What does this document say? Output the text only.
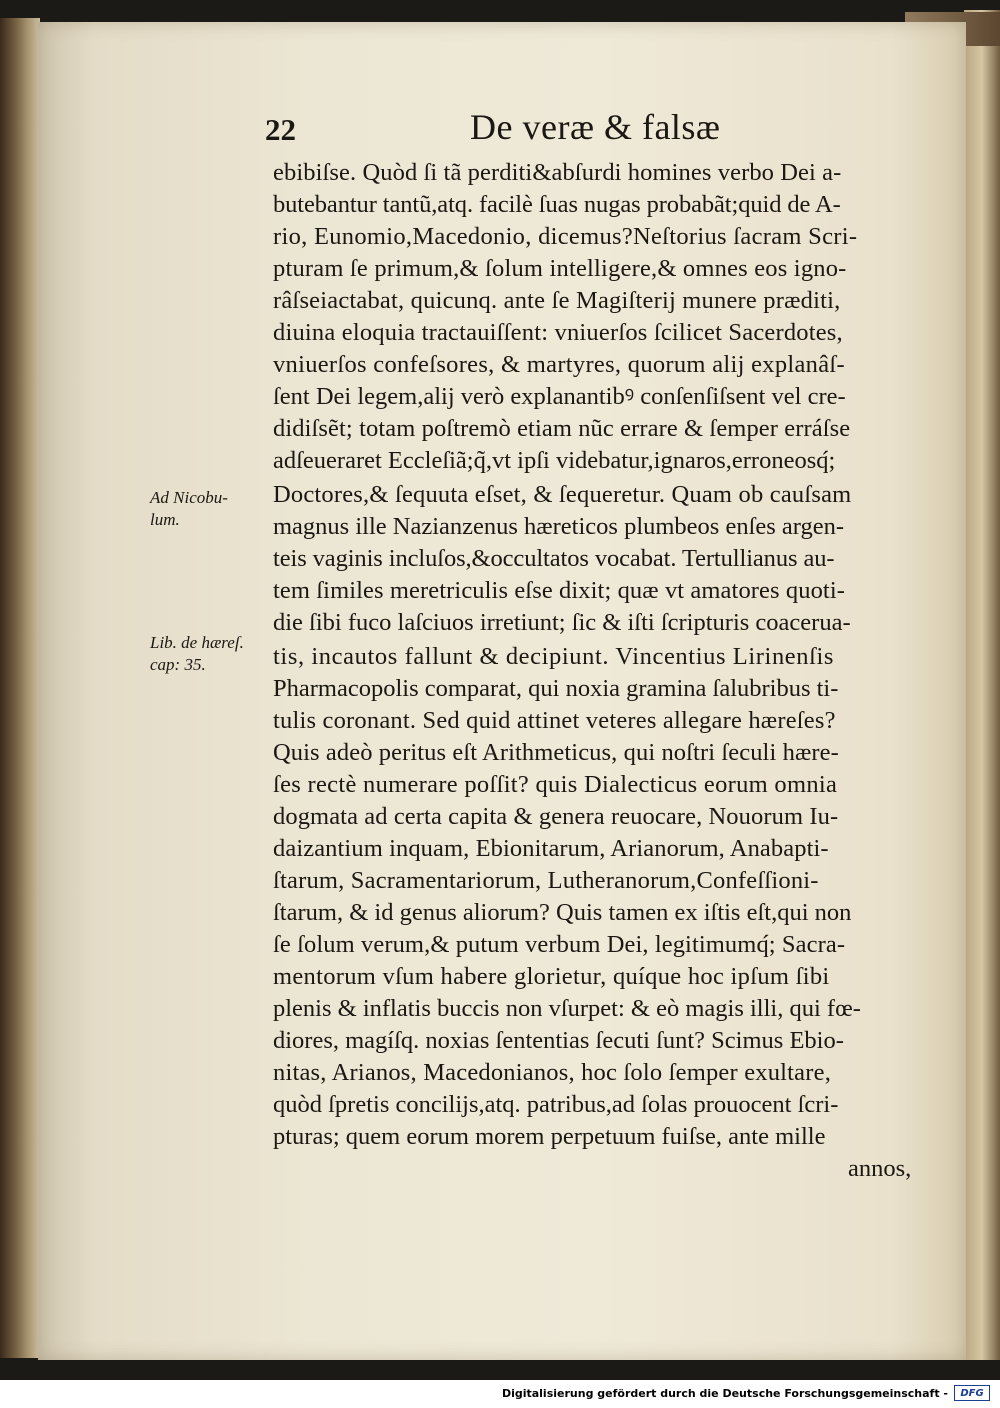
22	De veræ & falsæ
ebibiſse. Quòd ſi tã perditi&abſurdi homines verbo Dei a-
butebantur tantũ,atq. facilè ſuas nugas probabãt;quid de A-
rio, Eunomio,Macedonio, dicemus?Neſtorius ſacram Scri-
pturam ſe primum,& ſolum intelligere,& omnes eos igno-
râſseiactabat, quicunq. ante ſe Magiſterij munere præditi,
diuina eloquia tractauiſſent: vniuerſos ſcilicet Sacerdotes,
vniuerſos confeſsores, & martyres, quorum alij explanâſ-
ſent Dei legem,alij verò explanantibꝰ conſenſiſsent vel cre-
didiſsẽt; totam poſtremò etiam nũc errare & ſemper erráſse
adſeueraret Eccleſiã;q̃,vt ipſi videbatur,ignaros,erroneosq́;
Doctores,& ſequuta eſset, & ſequeretur. Quam ob cauſsam
magnus ille Nazianzenus hæreticos plumbeos enſes argen-
teis vaginis incluſos,&occultatos vocabat. Tertullianus au-
tem ſimiles meretriculis eſse dixit; quæ vt amatores quoti-
die ſibi fuco laſciuos irretiunt; ſic & iſti ſcripturis coacerua-
tis, incautos fallunt & decipiunt. Vincentius Lirinenſis
Pharmacopolis comparat, qui noxia gramina ſalubribus ti-
tulis coronant. Sed quid attinet veteres allegare hæreſes?
Quis adeò peritus eſt Arithmeticus, qui noſtri ſeculi hære-
ſes rectè numerare poſſit? quis Dialecticus eorum omnia
dogmata ad certa capita & genera reuocare, Nouorum Iu-
daizantium inquam, Ebionitarum, Arianorum, Anabapti-
ſtarum, Sacramentariorum, Lutheranorum,Confeſſioni-
ſtarum, & id genus aliorum? Quis tamen ex iſtis eſt,qui non
ſe ſolum verum,& putum verbum Dei, legitimumq́; Sacra-
mentorum vſum habere glorietur, quíque hoc ipſum ſibi
plenis & inflatis buccis non vſurpet: & eò magis illi, qui fœ-
diores, magíſq. noxias ſententias ſecuti ſunt? Scimus Ebio-
nitas, Arianos, Macedonianos, hoc ſolo ſemper exultare,
quòd ſpretis concilijs,atq. patribus,ad ſolas prouocent ſcri-
pturas; quem eorum morem perpetuum fuiſse, ante mille
annos,
Ad Nicobu-
lum.
Lib. de hæreſ.
cap: 35.
Digitalisierung gefördert durch die Deutsche Forschungsgemeinschaft -	DFG
